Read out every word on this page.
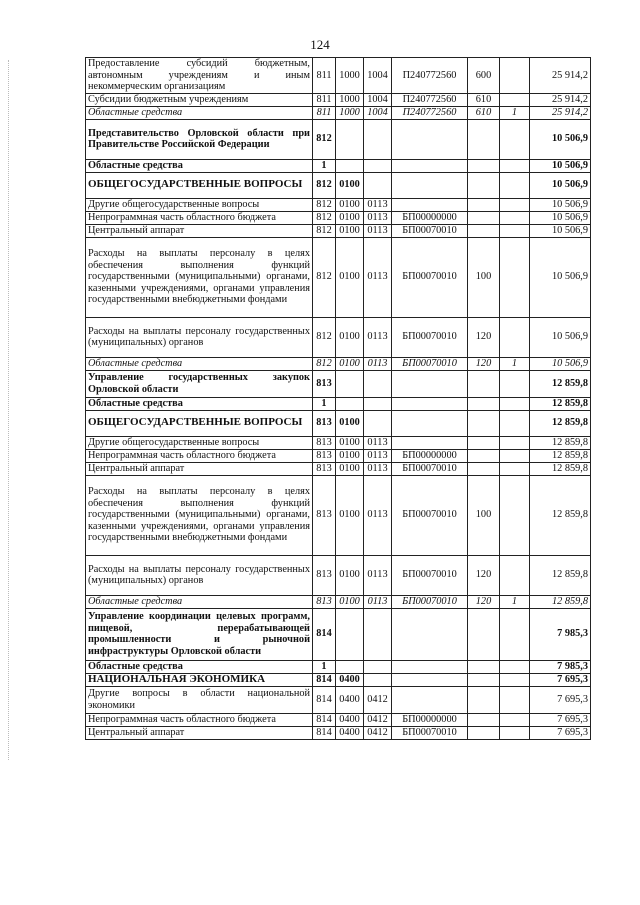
124
Предоставление субсидий бюджетным, автономным учреждениям и иным некоммерческим организациям	811	1000	1004	П240772560	600		25 914,2
Субсидии бюджетным учреждениям	811	1000	1004	П240772560	610		25 914,2
Областные средства	811	1000	1004	П240772560	610	1	25 914,2
Представительство Орловской области при Правительстве Российской Федерации	812						10 506,9
Областные средства	1						10 506,9
ОБЩЕГОСУДАРСТВЕННЫЕ ВОПРОСЫ	812	0100					10 506,9
Другие общегосударственные вопросы	812	0100	0113				10 506,9
Непрограммная часть областного бюджета	812	0100	0113	БП00000000			10 506,9
Центральный аппарат	812	0100	0113	БП00070010			10 506,9
Расходы на выплаты персоналу в целях обеспечения выполнения функций государственными (муниципальными) органами, казенными учреждениями, органами управления государственными внебюджетными фондами	812	0100	0113	БП00070010	100		10 506,9
Расходы на выплаты персоналу государственных (муниципальных) органов	812	0100	0113	БП00070010	120		10 506,9
Областные средства	812	0100	0113	БП00070010	120	1	10 506,9
Управление государственных закупок Орловской области	813						12 859,8
Областные средства	1						12 859,8
ОБЩЕГОСУДАРСТВЕННЫЕ ВОПРОСЫ	813	0100					12 859,8
Другие общегосударственные вопросы	813	0100	0113				12 859,8
Непрограммная часть областного бюджета	813	0100	0113	БП00000000			12 859,8
Центральный аппарат	813	0100	0113	БП00070010			12 859,8
Расходы на выплаты персоналу в целях обеспечения выполнения функций государственными (муниципальными) органами, казенными учреждениями, органами управления государственными внебюджетными фондами	813	0100	0113	БП00070010	100		12 859,8
Расходы на выплаты персоналу государственных (муниципальных) органов	813	0100	0113	БП00070010	120		12 859,8
Областные средства	813	0100	0113	БП00070010	120	1	12 859,8
Управление координации целевых программ, пищевой, перерабатывающей промышленности и рыночной инфраструктуры Орловской области	814						7 985,3
Областные средства	1						7 985,3
НАЦИОНАЛЬНАЯ ЭКОНОМИКА	814	0400					7 695,3
Другие вопросы в области национальной экономики	814	0400	0412				7 695,3
Непрограммная часть областного бюджета	814	0400	0412	БП00000000			7 695,3
Центральный аппарат	814	0400	0412	БП00070010			7 695,3
